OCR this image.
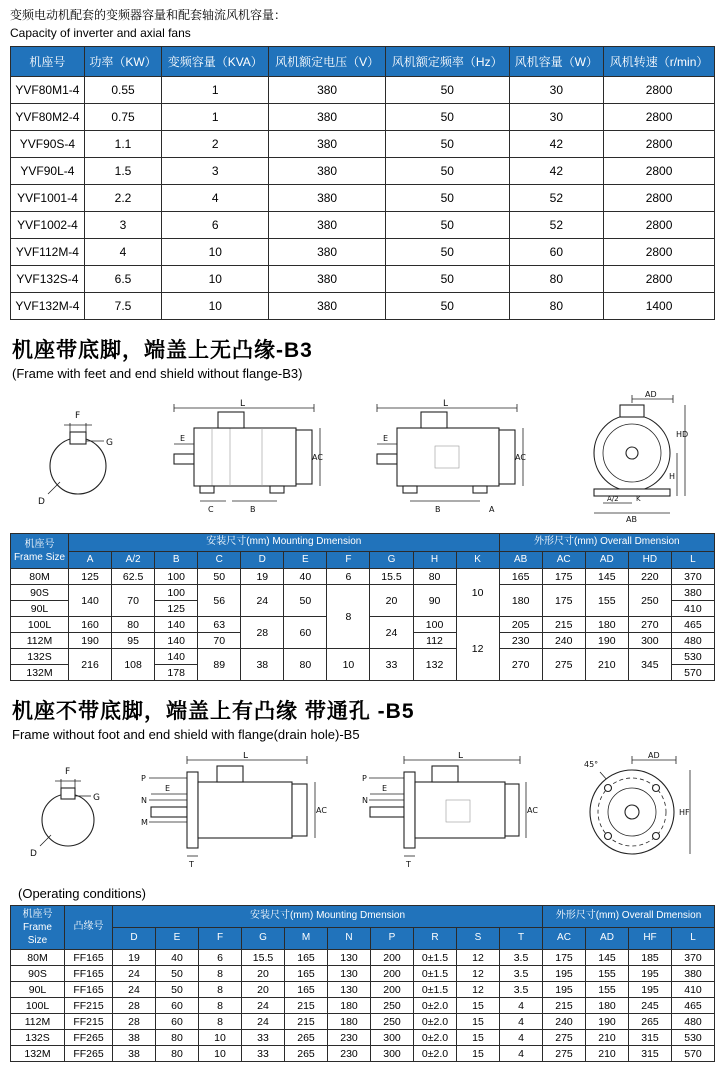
变频电动机配套的变频器容量和配套轴流风机容量：
Capacity of inverter and axial fans
机座号	功率（KW）	变频容量（KVA）	风机额定电压（V）	风机额定频率（Hz）	风机容量（W）	风机转速（r/min）
YVF80M1-4	0.55	1	380	50	30	2800
YVF80M2-4	0.75	1	380	50	30	2800
YVF90S-4	1.1	2	380	50	42	2800
YVF90L-4	1.5	3	380	50	42	2800
YVF1001-4	2.2	4	380	50	52	2800
YVF1002-4	3	6	380	50	52	2800
YVF112M-4	4	10	380	50	60	2800
YVF132S-4	6.5	10	380	50	80	2800
YVF132M-4	7.5	10	380	50	80	1400
机座带底脚，端盖上无凸缘-B3
(Frame with feet and end shield without flange-B3)
F
G
D
L
E
AC
C	B
L
E
AC
B	A
AD
HD
H
A/2 K
AB
机座号
Frame Size	安装尺寸(mm) Mounting Dmension										外形尺寸(mm) Overall Dmension				
	A	A/2	B	C	D	E	F	G	H	K	AB	AC	AD	HD	L
80M	125	62.5	100	50	19	40	6	15.5	80	10	165	175	145	220	370
90S	140	70	100	56	24	50	8	20	90		180	175	155	250	380
90L			125												410
100L	160	80	140	63	28	60		24	100	12	205	215	180	270	465
112M	190	95	140	70					112		230	240	190	300	480
132S	216	108	140	89	38	80	10	33	132		270	275	210	345	530
132M			178												570
机座不带底脚，端盖上有凸缘 带通孔 -B5
Frame without foot and end shield with flange(drain hole)-B5
F
G
D
L
E
P
N
M
AC
T
L
E
P
N
AC
T
45°
AD
HF
(Operating conditions)
机座号
Frame Size	凸缘号	安装尺寸(mm) Mounting Dmension										外形尺寸(mm) Overall Dmension			
		D	E	F	G	M	N	P	R	S	T	AC	AD	HF	L
80M	FF165	19	40	6	15.5	165	130	200	0±1.5	12	3.5	175	145	185	370
90S	FF165	24	50	8	20	165	130	200	0±1.5	12	3.5	195	155	195	380
90L	FF165	24	50	8	20	165	130	200	0±1.5	12	3.5	195	155	195	410
100L	FF215	28	60	8	24	215	180	250	0±2.0	15	4	215	180	245	465
112M	FF215	28	60	8	24	215	180	250	0±2.0	15	4	240	190	265	480
132S	FF265	38	80	10	33	265	230	300	0±2.0	15	4	275	210	315	530
132M	FF265	38	80	10	33	265	230	300	0±2.0	15	4	275	210	315	570
